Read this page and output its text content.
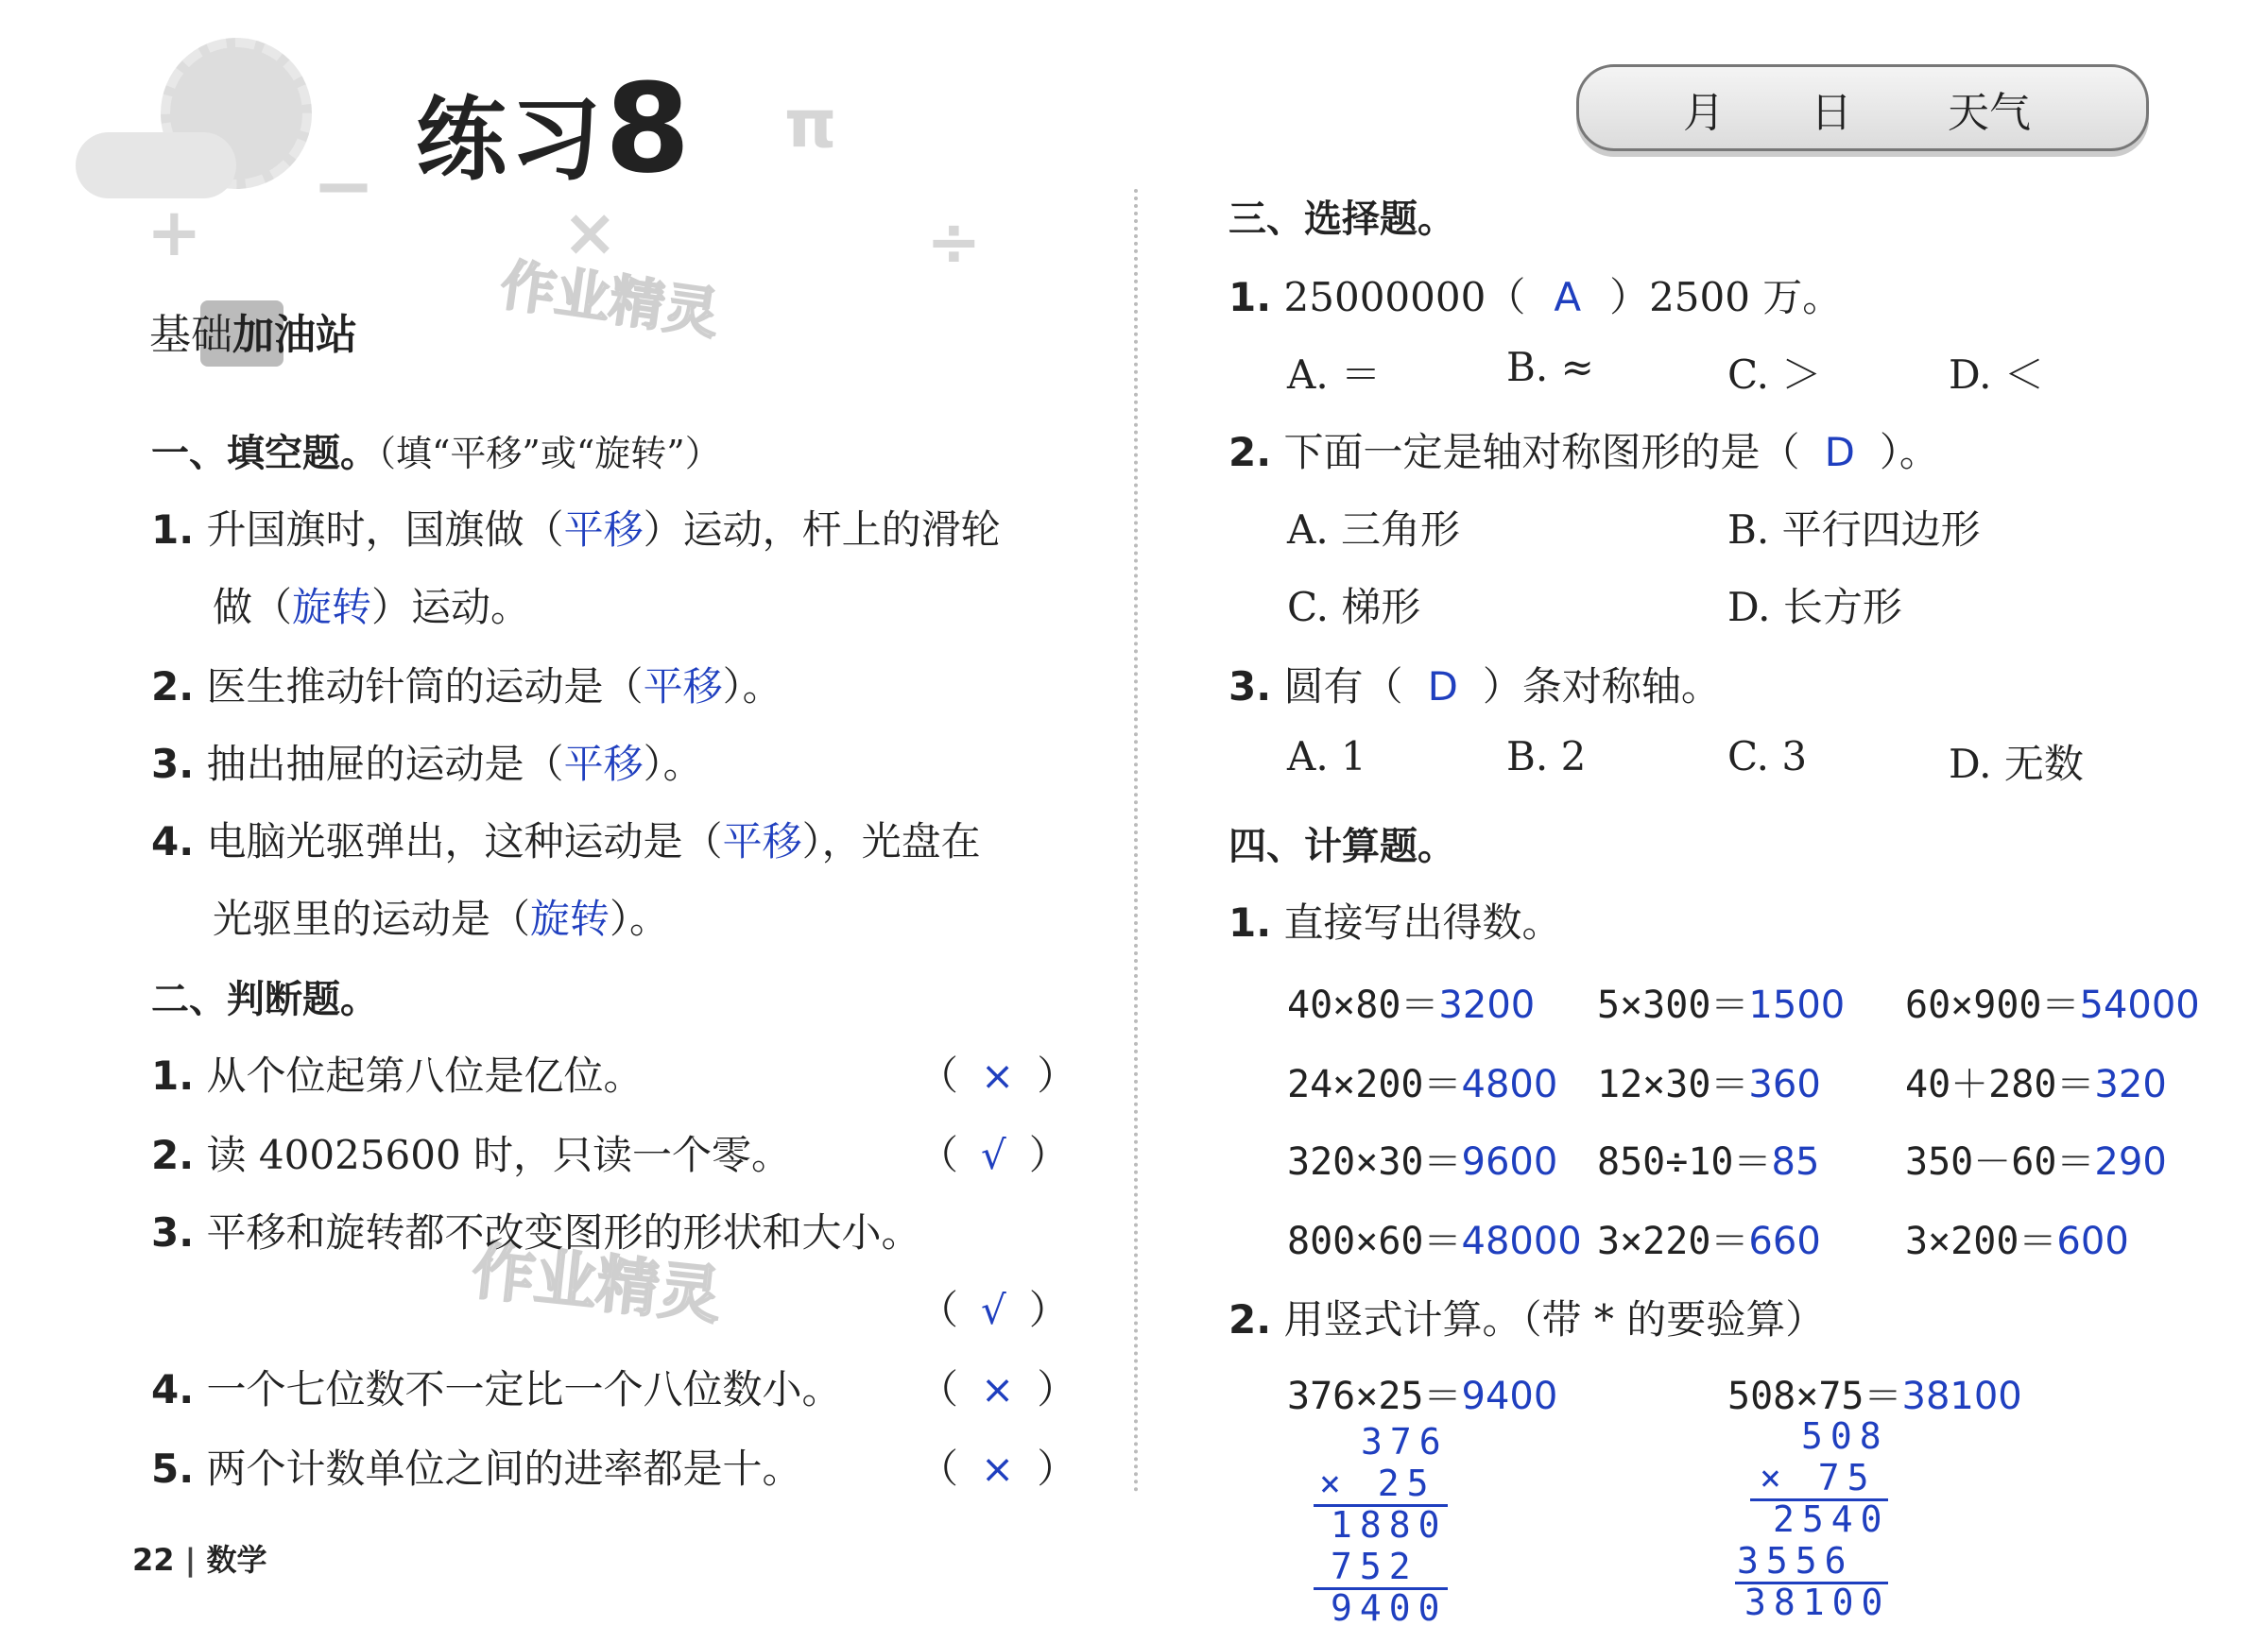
+
−
×	÷
π
练习8	月 日 天气
作业精灵
作业精灵
基础加油站
一、填空题。（填“平移”或“旋转”）
1. 升国旗时，国旗做（平移）运动，杆上的滑轮
做（旋转）运动。
2. 医生推动针筒的运动是（平移）。
3. 抽出抽屉的运动是（平移）。
4. 电脑光驱弹出，这种运动是（平移），光盘在
光驱里的运动是（旋转）。
二、判断题。
1. 从个位起第八位是亿位。	（ × ）
2. 读 40025600 时，只读一个零。	（ √ ）
3. 平移和旋转都不改变图形的形状和大小。
（ √ ）
4. 一个七位数不一定比一个八位数小。 （ × ）
5. 两个计数单位之间的进率都是十。	（ × ）
22 | 数学
三、选择题。
1. 25000000（ A ）2500 万。
A. ＝	B. ≈	C. ＞	D. ＜
2. 下面一定是轴对称图形的是（ D ）。
A. 三角形	B. 平行四边形
C. 梯形	D. 长方形
3. 圆有（ D ）条对称轴。
A. 1	B. 2	C. 3	D. 无数
四、计算题。
1. 直接写出得数。
40×80＝3200 5×300＝1500 60×900＝54000
24×200＝4800 12×30＝360 40＋280＝320
320×30＝9600 850÷10＝85 350－60＝290
800×60＝48000 3×220＝660 3×200＝600
2. 用竖式计算。（带 * 的要验算）
376×25＝9400
376
× 25
1880
752
9400
508×75＝38100
508
× 75
2540
3556
38100
